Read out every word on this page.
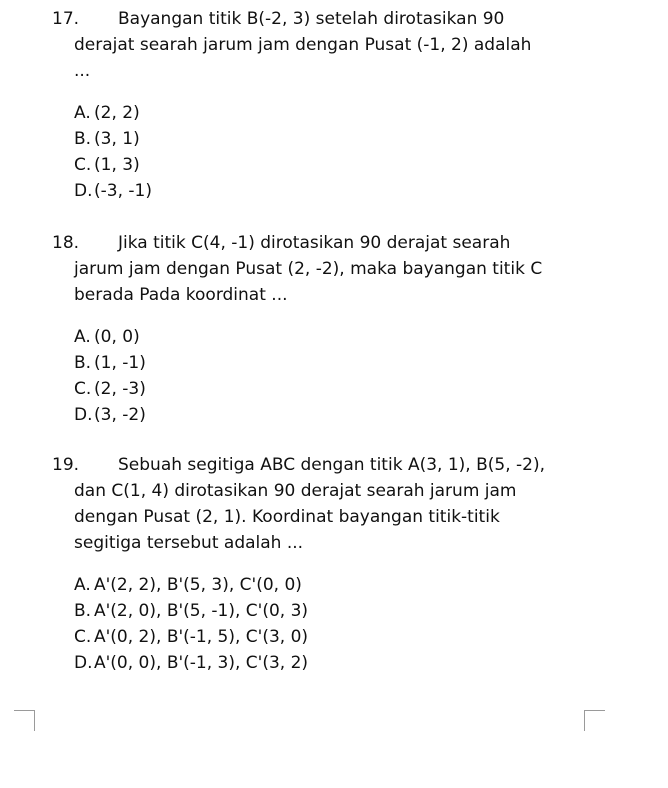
17. Bayangan titik B(-2, 3) setelah dirotasikan 90
derajat searah jarum jam dengan Pusat (-1, 2) adalah
...
A. (2, 2)
B. (3, 1)
C. (1, 3)
D.(-3, -1)
18. Jika titik C(4, -1) dirotasikan 90 derajat searah
jarum jam dengan Pusat (2, -2), maka bayangan titik C
berada Pada koordinat ...
A. (0, 0)
B. (1, -1)
C. (2, -3)
D.(3, -2)
19. Sebuah segitiga ABC dengan titik A(3, 1), B(5, -2),
dan C(1, 4) dirotasikan 90 derajat searah jarum jam
dengan Pusat (2, 1). Koordinat bayangan titik-titik
segitiga tersebut adalah ...
A. A'(2, 2), B'(5, 3), C'(0, 0)
B. A'(2, 0), B'(5, -1), C'(0, 3)
C. A'(0, 2), B'(-1, 5), C'(3, 0)
D.A'(0, 0), B'(-1, 3), C'(3, 2)
